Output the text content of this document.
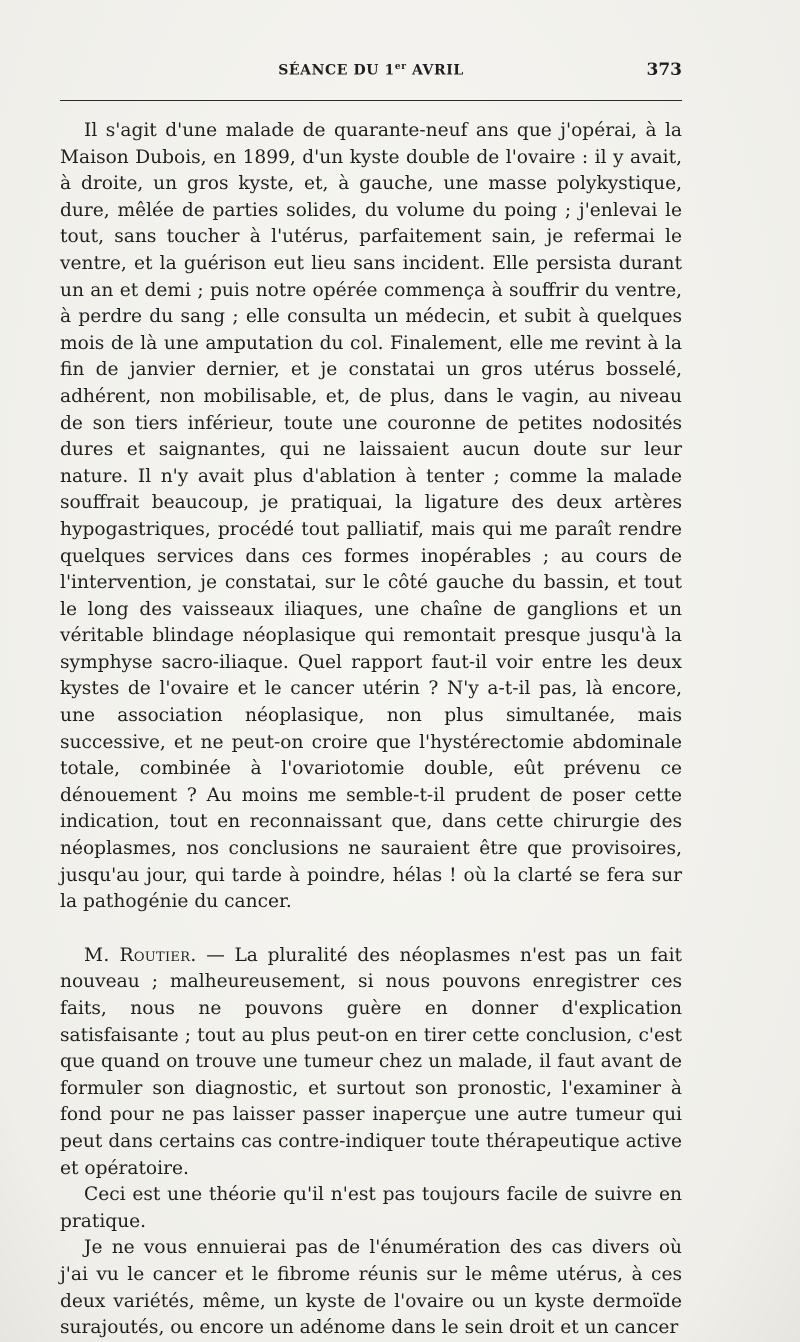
SÉANCE DU 1er AVRIL	373

Il s'agit d'une malade de quarante-neuf ans que j'opérai, à la Maison Dubois, en 1899, d'un kyste double de l'ovaire : il y avait, à droite, un gros kyste, et, à gauche, une masse polykystique, dure, mêlée de parties solides, du volume du poing ; j'enlevai le tout, sans toucher à l'utérus, parfaitement sain, je refermai le ventre, et la guérison eut lieu sans incident. Elle persista durant un an et demi ; puis notre opérée commença à souffrir du ventre, à perdre du sang ; elle consulta un médecin, et subit à quelques mois de là une amputation du col. Finalement, elle me revint à la fin de janvier dernier, et je constatai un gros utérus bosselé, adhérent, non mobilisable, et, de plus, dans le vagin, au niveau de son tiers inférieur, toute une couronne de petites nodosités dures et saignantes, qui ne laissaient aucun doute sur leur nature. Il n'y avait plus d'ablation à tenter ; comme la malade souffrait beaucoup, je pratiquai, la ligature des deux artères hypogastriques, procédé tout palliatif, mais qui me paraît rendre quelques services dans ces formes inopérables ; au cours de l'intervention, je constatai, sur le côté gauche du bassin, et tout le long des vaisseaux iliaques, une chaîne de ganglions et un véritable blindage néoplasique qui remontait presque jusqu'à la symphyse sacro-iliaque. Quel rapport faut-il voir entre les deux kystes de l'ovaire et le cancer utérin ? N'y a-t-il pas, là encore, une association néoplasique, non plus simultanée, mais successive, et ne peut-on croire que l'hystérectomie abdominale totale, combinée à l'ovariotomie double, eût prévenu ce dénouement ? Au moins me semble-t-il prudent de poser cette indication, tout en reconnaissant que, dans cette chirurgie des néoplasmes, nos conclusions ne sauraient être que provisoires, jusqu'au jour, qui tarde à poindre, hélas ! où la clarté se fera sur la pathogénie du cancer.

M. Routier. — La pluralité des néoplasmes n'est pas un fait nouveau ; malheureusement, si nous pouvons enregistrer ces faits, nous ne pouvons guère en donner d'explication satisfaisante ; tout au plus peut-on en tirer cette conclusion, c'est que quand on trouve une tumeur chez un malade, il faut avant de formuler son diagnostic, et surtout son pronostic, l'examiner à fond pour ne pas laisser passer inaperçue une autre tumeur qui peut dans certains cas contre-indiquer toute thérapeutique active et opératoire.

Ceci est une théorie qu'il n'est pas toujours facile de suivre en pratique.

Je ne vous ennuierai pas de l'énumération des cas divers où j'ai vu le cancer et le fibrome réunis sur le même utérus, à ces deux variétés, même, un kyste de l'ovaire ou un kyste dermoïde surajoutés, ou encore un adénome dans le sein droit et un cancer
